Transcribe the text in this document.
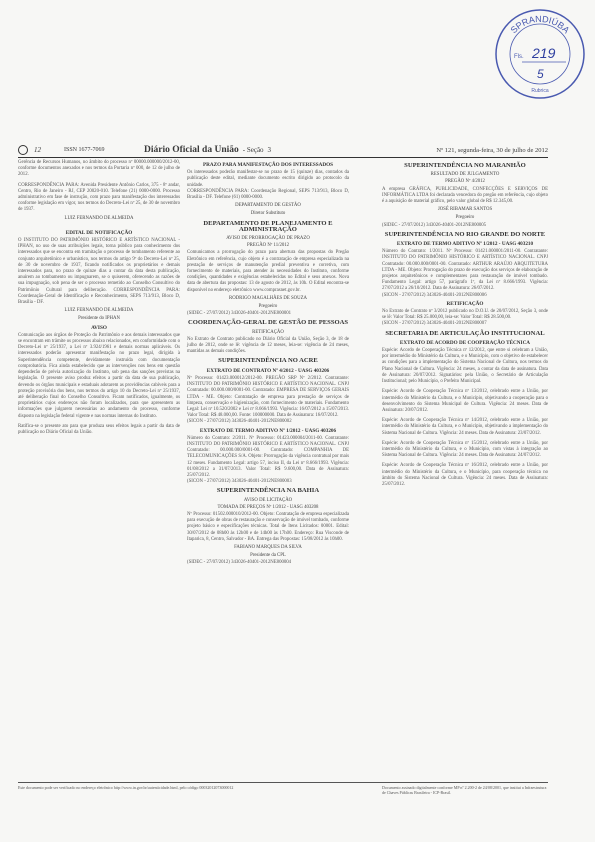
SPRANDIÚBA
Fls. 219
5
Rubrica
12	ISSN 1677-7069	Diário Oficial da União - Seção 3	Nº 121, segunda-feira, 30 de julho de 2012

Gerência de Recursos Humanos, no âmbito do processo nº 00000.000000/2012-00, conforme documentos anexados e nos termos da Portaria nº 000, de 12 de julho de 2012.

CORRESPONDÊNCIA PARA: Avenida Presidente Antônio Carlos, 375 - 8º andar, Centro, Rio de Janeiro - RJ, CEP 20020-010. Telefone (21) 0000-0000. Processo administrativo em fase de instrução, com prazo para manifestação dos interessados conforme legislação em vigor, nos termos do Decreto-Lei nº 25, de 30 de novembro de 1937.

LUIZ FERNANDO DE ALMEIDA

EDITAL DE NOTIFICAÇÃO

O INSTITUTO DO PATRIMÔNIO HISTÓRICO E ARTÍSTICO NACIONAL - IPHAN, no uso de suas atribuições legais, torna público para conhecimento dos interessados que se encontra em tramitação o processo de tombamento referente ao conjunto arquitetônico e urbanístico, nos termos do artigo 9º do Decreto-Lei nº 25, de 30 de novembro de 1937, ficando notificados os proprietários e demais interessados para, no prazo de quinze dias a contar da data desta publicação, anuírem ao tombamento ou impugnarem, se o quiserem, oferecendo as razões de sua impugnação, sob pena de ser o processo remetido ao Conselho Consultivo do Patrimônio Cultural para deliberação. CORRESPONDÊNCIA PARA: Coordenação-Geral de Identificação e Reconhecimento, SEPS 713/913, Bloco D, Brasília - DF.

LUIZ FERNANDO DE ALMEIDA

Presidente do IPHAN

AVISO

Comunicação aos órgãos de Proteção do Patrimônio e aos demais interessados que se encontram em trâmite os processos abaixo relacionados, em conformidade com o Decreto-Lei nº 25/1937, a Lei nº 3.924/1961 e demais normas aplicáveis. Os interessados poderão apresentar manifestação no prazo legal, dirigida à Superintendência competente, devidamente instruída com documentação comprobatória. Fica ainda estabelecido que as intervenções nos bens em questão dependerão de prévia autorização do Instituto, sob pena das sanções previstas na legislação. O presente aviso produz efeitos a partir da data de sua publicação, devendo os órgãos municipais e estaduais adotarem as providências cabíveis para a proteção provisória dos bens, nos termos do artigo 10 do Decreto-Lei nº 25/1937, até deliberação final do Conselho Consultivo. Ficam notificados, igualmente, os proprietários cujos endereços não foram localizados, para que apresentem as informações que julgarem necessárias ao andamento do processo, conforme disposto na legislação federal vigente e nas normas internas do Instituto.

Ratifica-se o presente ato para que produza seus efeitos legais a partir da data de publicação no Diário Oficial da União.

PRAZO PARA MANIFESTAÇÃO DOS INTERESSADOS

Os interessados poderão manifestar-se no prazo de 15 (quinze) dias, contados da publicação deste edital, mediante documento escrito dirigido ao protocolo da unidade.

CORRESPONDÊNCIA PARA: Coordenação Regional, SEPS 713/913, Bloco D, Brasília - DF. Telefone (61) 0000-0000.

DEPARTAMENTO DE GESTÃO

Diretor Substituto

DEPARTAMENTO DE PLANEJAMENTO E ADMINISTRAÇÃO

AVISO DE PRORROGAÇÃO DE PRAZO

PREGÃO Nº 11/2012

Comunicamos a prorrogação do prazo para abertura das propostas do Pregão Eletrônico em referência, cujo objeto é a contratação de empresa especializada na prestação de serviços de manutenção predial preventiva e corretiva, com fornecimento de materiais, para atender às necessidades do Instituto, conforme condições, quantidades e exigências estabelecidas no Edital e seus anexos. Nova data de abertura das propostas: 13 de agosto de 2012, às 10h. O Edital encontra-se disponível no endereço eletrônico www.comprasnet.gov.br.

RODRIGO MAGALHÃES DE SOUZA

Pregoeiro

(SIDEC - 27/07/2012) 343026-40401-2012NE800001

COORDENAÇÃO-GERAL DE GESTÃO DE PESSOAS

RETIFICAÇÃO

No Extrato de Contrato publicado no Diário Oficial da União, Seção 3, de 18 de julho de 2012, onde se lê: vigência de 12 meses, leia-se: vigência de 24 meses, mantidas as demais condições.

SUPERINTENDÊNCIA NO ACRE

EXTRATO DE CONTRATO Nº 4/2012 - UASG 403206

Nº Processo: 01423.000012/2012-00. PREGÃO SRP Nº 2/2012. Contratante: INSTITUTO DO PATRIMÔNIO HISTÓRICO E ARTÍSTICO NACIONAL. CNPJ Contratado: 00.000.000/0001-00. Contratado: EMPRESA DE SERVIÇOS GERAIS LTDA - ME. Objeto: Contratação de empresa para prestação de serviços de limpeza, conservação e higienização, com fornecimento de materiais. Fundamento Legal: Lei nº 10.520/2002 e Lei nº 8.666/1993. Vigência: 16/07/2012 a 15/07/2013. Valor Total: R$ 48.000,00. Fonte: 100000000. Data de Assinatura: 16/07/2012.

(SICON - 27/07/2012) 343026-40401-2012NE800002

EXTRATO DE TERMO ADITIVO Nº 1/2012 - UASG 403206

Número do Contrato: 2/2011. Nº Processo: 01423.000004/2011-00. Contratante: INSTITUTO DO PATRIMÔNIO HISTÓRICO E ARTÍSTICO NACIONAL. CNPJ Contratado: 00.000.000/0001-00. Contratado: COMPANHIA DE TELECOMUNICAÇÕES S/A. Objeto: Prorrogação da vigência contratual por mais 12 meses. Fundamento Legal: artigo 57, inciso II, da Lei nº 8.666/1993. Vigência: 01/08/2012 a 31/07/2013. Valor Total: R$ 9.600,00. Data de Assinatura: 25/07/2012.

(SICON - 27/07/2012) 343026-40401-2012NE800003

SUPERINTENDÊNCIA NA BAHIA

AVISO DE LICITAÇÃO

TOMADA DE PREÇOS Nº 1/2012 - UASG 403208

Nº Processo: 01502.000010/2012-00. Objeto: Contratação de empresa especializada para execução de obras de restauração e conservação de imóvel tombado, conforme projeto básico e especificações técnicas. Total de Itens Licitados: 00001. Edital: 30/07/2012 de 08h00 às 12h00 e de 14h00 às 17h00. Endereço: Rua Visconde de Itaparica, 8, Centro, Salvador - BA. Entrega das Propostas: 15/08/2012 às 10h00.

FABIANO MARQUES DA SILVA

Presidente da CPL

(SIDEC - 27/07/2012) 343026-40401-2012NE800004

SUPERINTENDÊNCIA NO MARANHÃO

RESULTADO DE JULGAMENTO

PREGÃO Nº 4/2012

A empresa GRÁFICA, PUBLICIDADE, CONFECÇÕES E SERVIÇOS DE INFORMÁTICA LTDA foi declarada vencedora do pregão em referência, cujo objeto é a aquisição de material gráfico, pelo valor global de R$ 12.345,00.

JOSÉ RIBAMAR SANTOS

Pregoeiro

(SIDEC - 27/07/2012) 343026-40401-2012NE800005

SUPERINTENDÊNCIA NO RIO GRANDE DO NORTE

EXTRATO DE TERMO ADITIVO Nº 1/2012 - UASG 403210

Número do Contrato: 1/2011. Nº Processo: 01421.000001/2011-00. Contratante: INSTITUTO DO PATRIMÔNIO HISTÓRICO E ARTÍSTICO NACIONAL. CNPJ Contratado: 00.000.000/0001-00. Contratado: ARTHUR ARAÚJO ARQUITETURA LTDA - ME. Objeto: Prorrogação do prazo de execução dos serviços de elaboração de projetos arquitetônicos e complementares para restauração de imóvel tombado. Fundamento Legal: artigo 57, parágrafo 1º, da Lei nº 8.666/1993. Vigência: 27/07/2012 a 26/10/2012. Data de Assinatura: 26/07/2012.

(SICON - 27/07/2012) 343026-40401-2012NE800006

RETIFICAÇÃO

No Extrato de Contrato nº 3/2012 publicado no D.O.U. de 20/07/2012, Seção 3, onde se lê: Valor Total: R$ 25.000,00, leia-se: Valor Total: R$ 28.500,00.

(SICON - 27/07/2012) 343026-40401-2012NE800007

SECRETARIA DE ARTICULAÇÃO INSTITUCIONAL

EXTRATO DE ACORDO DE COOPERAÇÃO TÉCNICA

Espécie: Acordo de Cooperação Técnica nº 12/2012, que entre si celebram a União, por intermédio do Ministério da Cultura, e o Município, com o objetivo de estabelecer as condições para a implementação do Sistema Nacional de Cultura, nos termos do Plano Nacional de Cultura. Vigência: 24 meses, a contar da data de assinatura. Data de Assinatura: 20/07/2012. Signatários: pela União, o Secretário de Articulação Institucional; pelo Município, o Prefeito Municipal.

Espécie: Acordo de Cooperação Técnica nº 13/2012, celebrado entre a União, por intermédio do Ministério da Cultura, e o Município, objetivando a cooperação para o desenvolvimento do Sistema Municipal de Cultura. Vigência: 24 meses. Data de Assinatura: 20/07/2012.

Espécie: Acordo de Cooperação Técnica nº 14/2012, celebrado entre a União, por intermédio do Ministério da Cultura, e o Município, objetivando a implementação do Sistema Nacional de Cultura. Vigência: 24 meses. Data de Assinatura: 23/07/2012.

Espécie: Acordo de Cooperação Técnica nº 15/2012, celebrado entre a União, por intermédio do Ministério da Cultura, e o Município, com vistas à integração ao Sistema Nacional de Cultura. Vigência: 24 meses. Data de Assinatura: 24/07/2012.

Espécie: Acordo de Cooperação Técnica nº 16/2012, celebrado entre a União, por intermédio do Ministério da Cultura, e o Município, para cooperação técnica no âmbito do Sistema Nacional de Cultura. Vigência: 24 meses. Data de Assinatura: 25/07/2012.

Este documento pode ser verificado no endereço eletrônico http://www.in.gov.br/autenticidade.html, pelo código 00032012073000012	Documento assinado digitalmente conforme MP nº 2.200-2 de 24/08/2001, que institui a Infraestrutura de Chaves Públicas Brasileira - ICP-Brasil.
